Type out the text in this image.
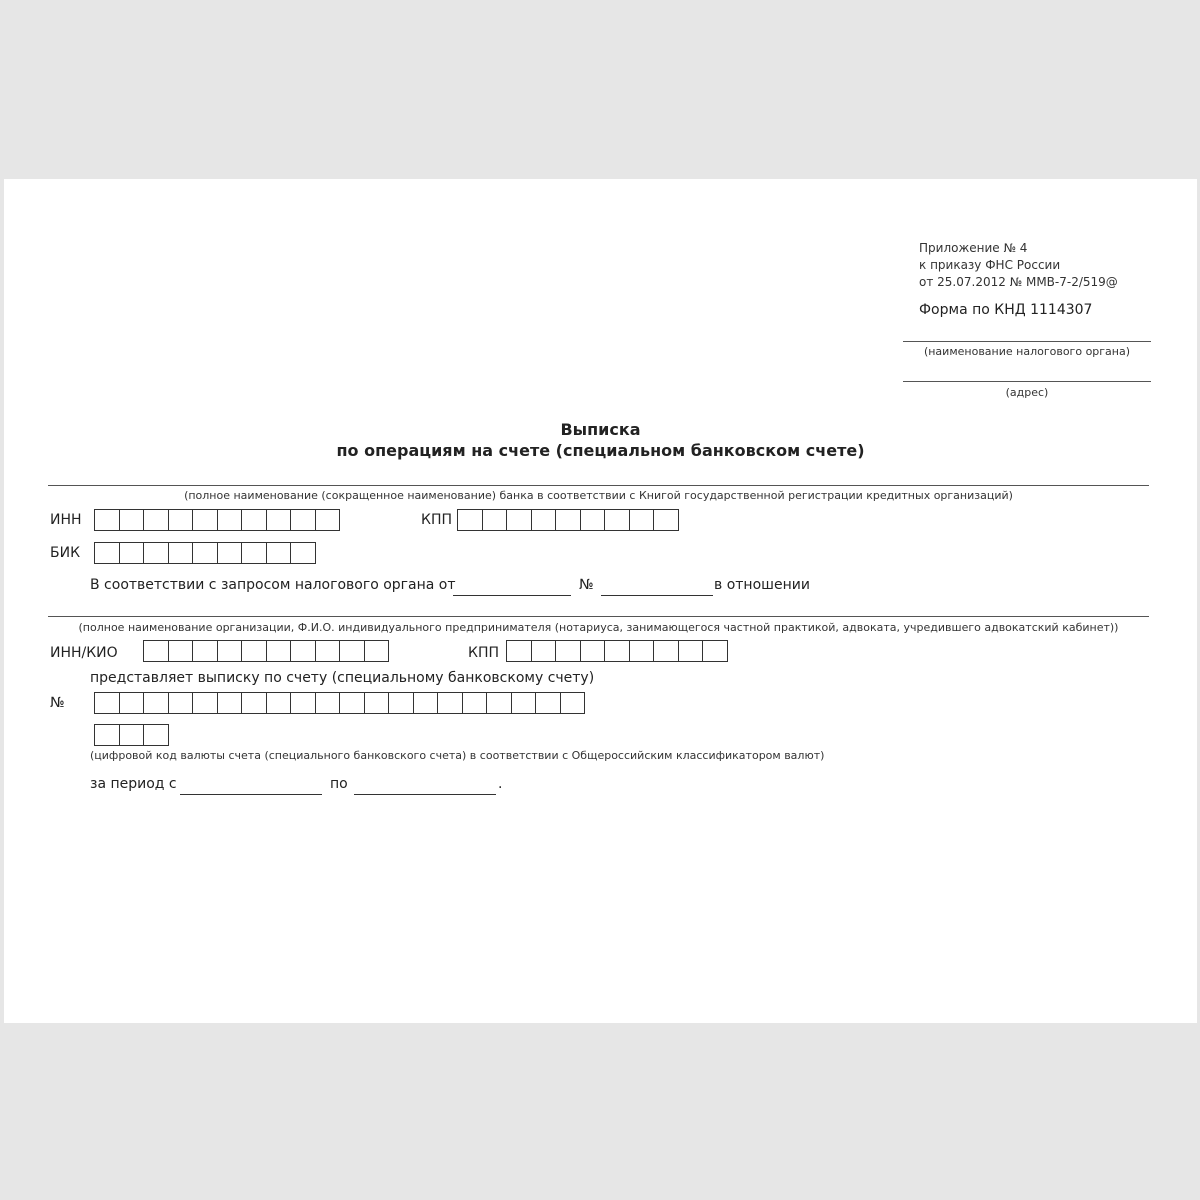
Приложение № 4
к приказу ФНС России
от 25.07.2012 № ММВ-7-2/519@
Форма по КНД 1114307
(наименование налогового органа)
(адрес)
Выписка
по операциям на счете (специальном банковском счете)
(полное наименование (сокращенное наименование) банка в соответствии с Книгой государственной регистрации кредитных организаций)
ИНН	КПП
БИК
В соответствии с запросом налогового органа от	№	в отношении
(полное наименование организации, Ф.И.О. индивидуального предпринимателя (нотариуса, занимающегося частной практикой, адвоката, учредившего адвокатский кабинет))
ИНН/КИО	КПП
представляет выписку по счету (специальному банковскому счету)
№
(цифровой код валюты счета (специального банковского счета) в соответствии с Общероссийским классификатором валют)
за период с	по	.
